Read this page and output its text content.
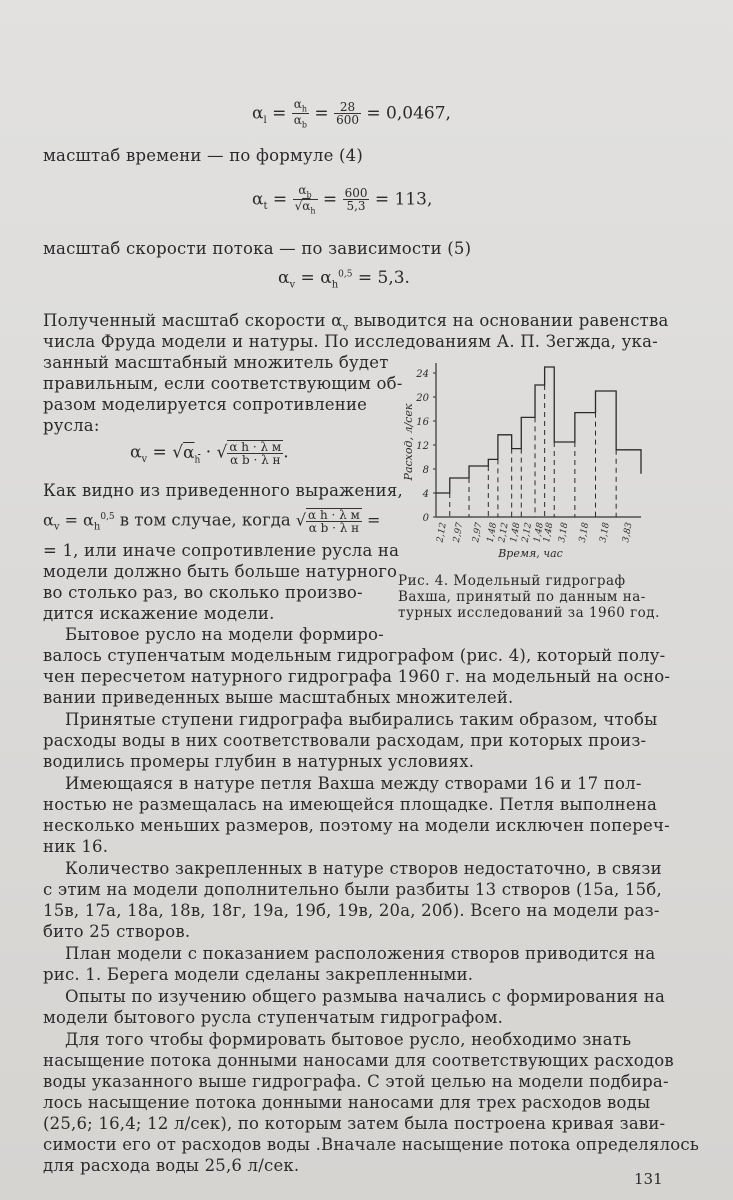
$\alpha_l = \frac{\alpha_h}{\alpha_b} = \frac{28}{600} = 0,0467$,
масштаб времени — по формуле (4)
$\alpha_t = \frac{\alpha_b}{√\alpha_h} = \frac{600}{5,3} = 113$,
масштаб скорости потока — по зависимости (5)
$\alpha_v = \alpha_h^{0,5} = 5,3$.
Полученный масштаб скорости $\alpha_v$ выводится на основании равенства
числа Фруда модели и натуры. По исследованиям А. П. Зегжда, ука-
занный масштабный множитель будет
правильным, если соответствующим об-
разом моделируется сопротивление
русла:
$\alpha_v = √\alpha_h$ · √ $\frac{\text{α h · λ м}}{\text{α b · λ н}}$ .
Как видно из приведенного выражения,
$\alpha_v = \alpha_h^{0,5}$ в том случае, когда √ $\frac{\text{α h · λ м}}{\text{α b · λ н}}$ =
= 1, или иначе сопротивление русла на
модели должно быть больше натурного
во столько раз, во сколько произво-
дится искажение модели.
Бытовое русло на модели формиро-
валось ступенчатым модельным гидрографом (рис. 4), который полу-
чен пересчетом натурного гидрографа 1960 г. на модельный на осно-
вании приведенных выше масштабных множителей.
Принятые ступени гидрографа выбирались таким образом, чтобы
расходы воды в них соответствовали расходам, при которых произ-
водились промеры глубин в натурных условиях.
Имеющаяся в натуре петля Вахша между створами 16 и 17 пол-
ностью не размещалась на имеющейся площадке. Петля выполнена
несколько меньших размеров, поэтому на модели исключен попереч-
ник 16.
Количество закрепленных в натуре створов недостаточно, в связи
с этим на модели дополнительно были разбиты 13 створов (15а, 15б,
15в, 17а, 18а, 18в, 18г, 19а, 19б, 19в, 20а, 20б). Всего на модели раз-
бито 25 створов.
План модели с показанием расположения створов приводится на
рис. 1. Берега модели сделаны закрепленными.
Опыты по изучению общего размыва начались с формирования на
модели бытового русла ступенчатым гидрографом.
Для того чтобы формировать бытовое русло, необходимо знать
насыщение потока донными наносами для соответствующих расходов
воды указанного выше гидрографа. С этой целью на модели подбира-
лось насыщение потока донными наносами для трех расходов воды
(25,6; 16,4; 12 л/сек), по которым затем была построена кривая зави-
симости его от расходов воды .Вначале насыщение потока определялось
для расхода воды 25,6 л/сек.
0
4
8
12
16
20
24
Расход, л/сек
2,12 2,97 2,97 1,48
2,12
1,48
2,12
1,48
1,48 3,18 3,18 3,18 3,83
Время, час
Рис. 4. Модельный гидрограф
Вахша, принятый по данным на-
турных исследований за 1960 год.
131
